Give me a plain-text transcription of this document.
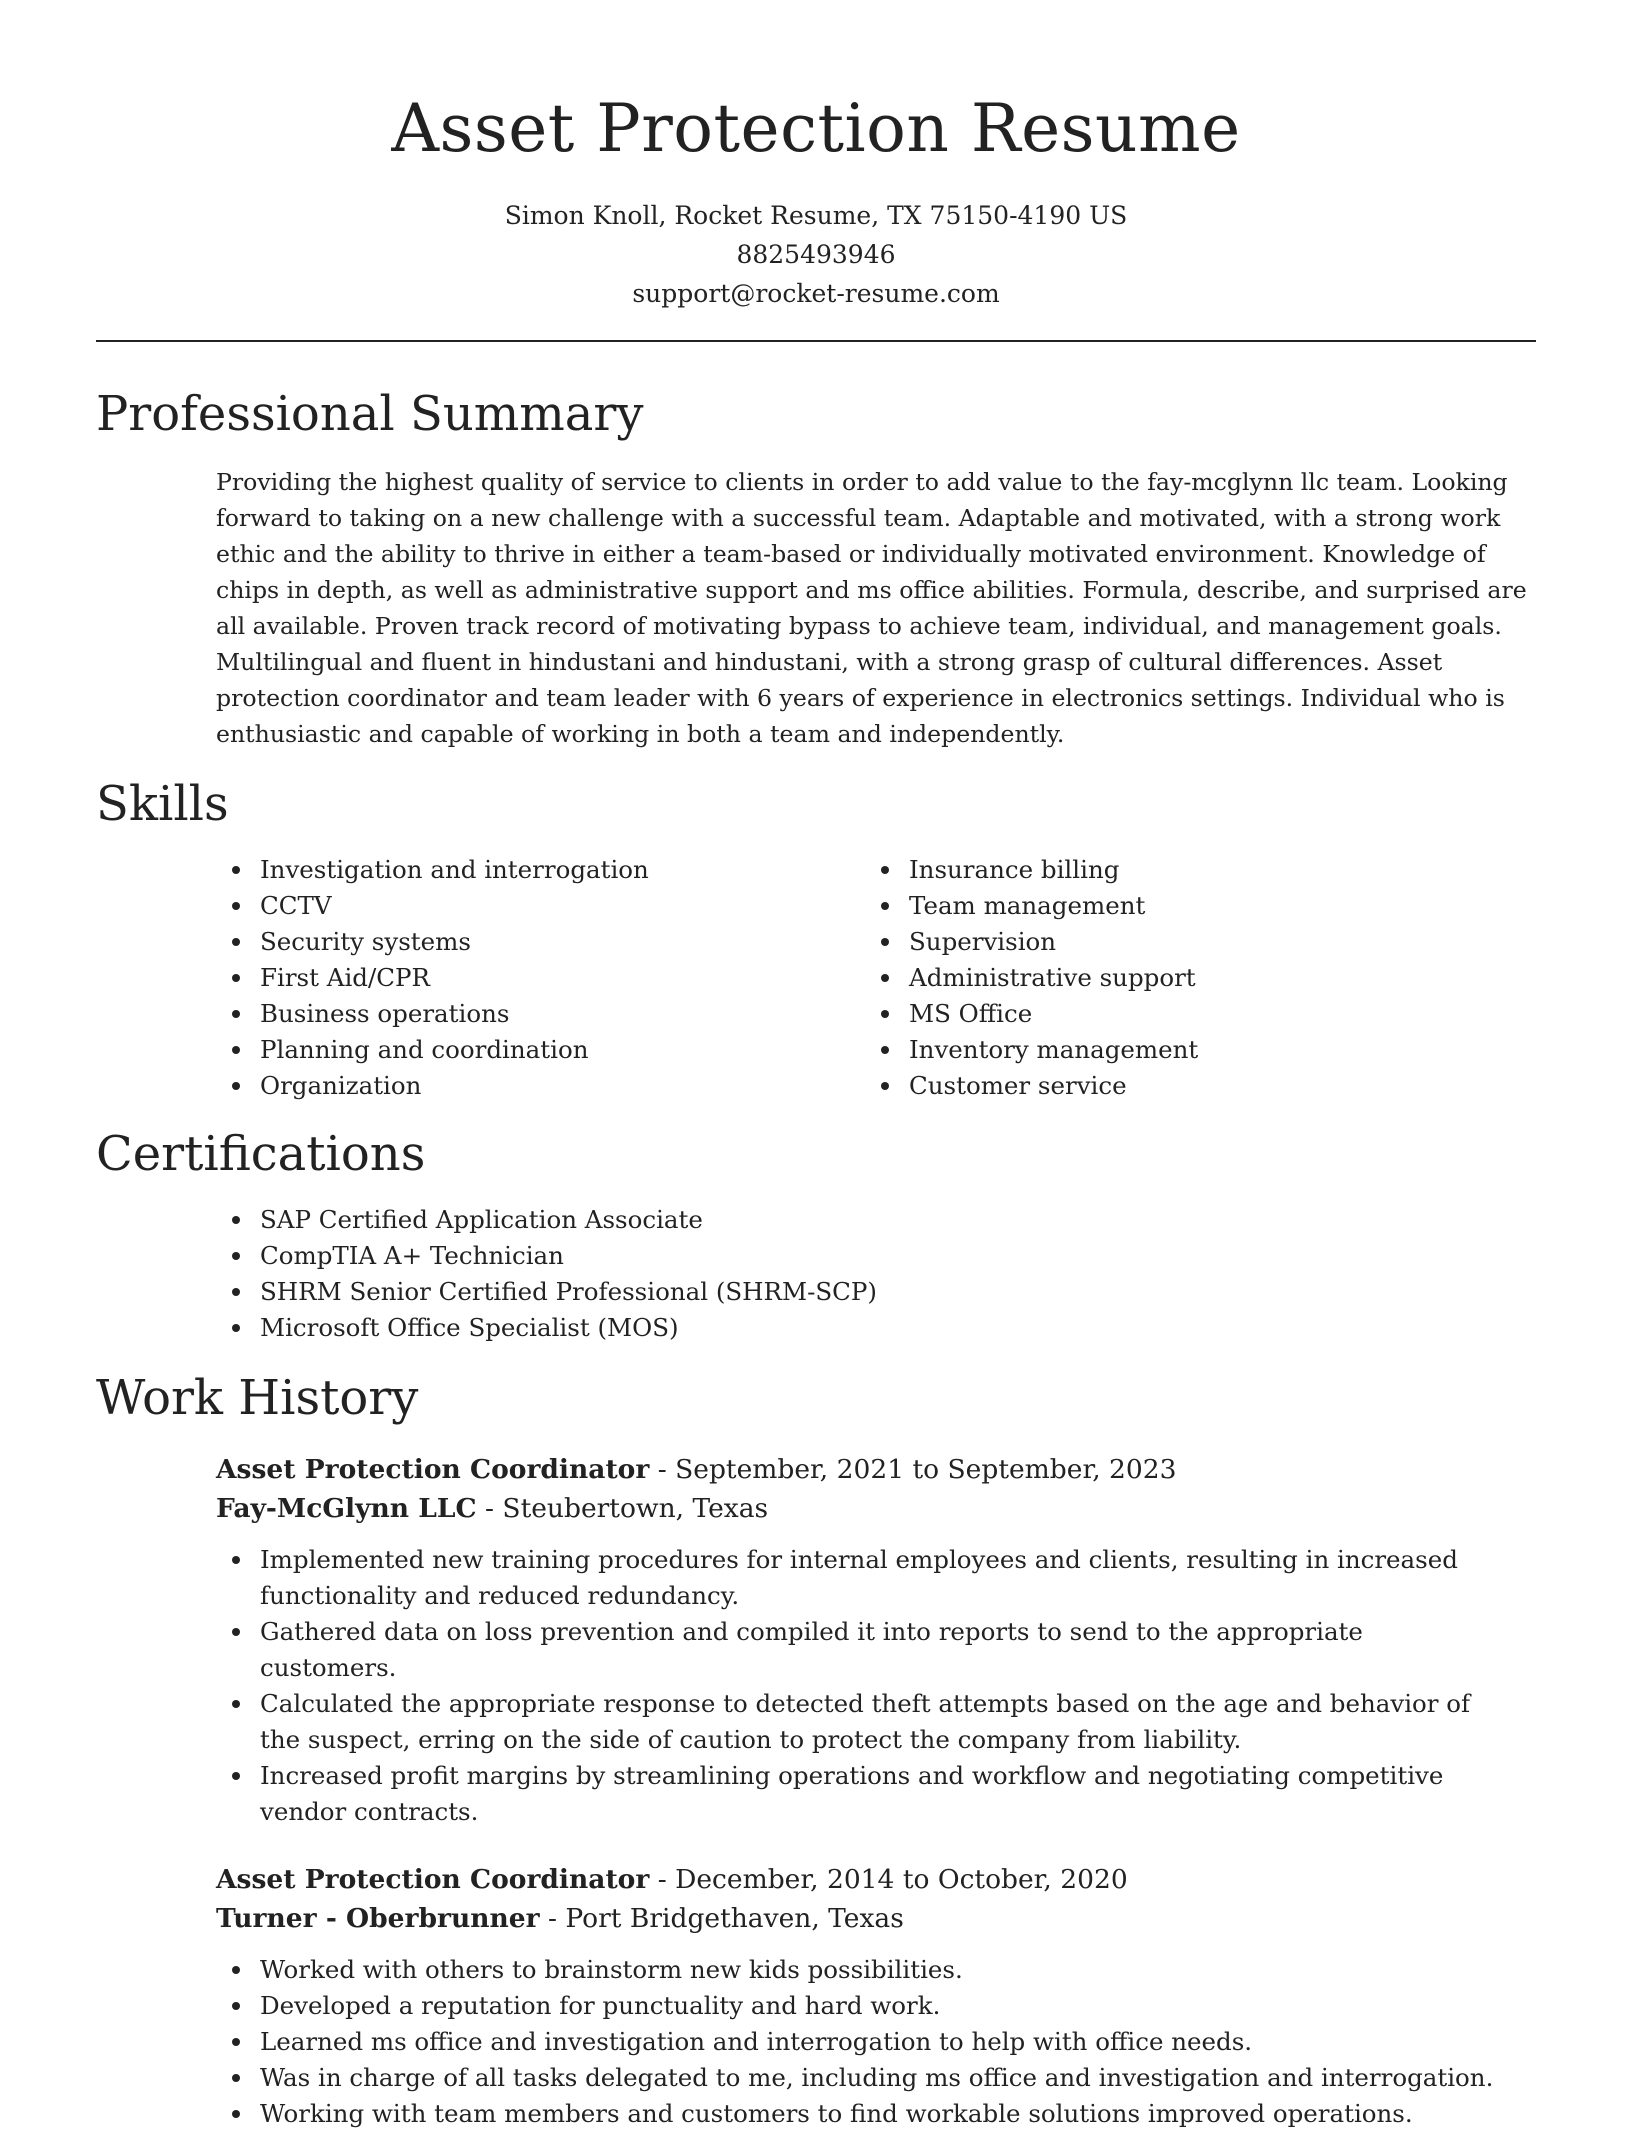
Asset Protection Resume
Simon Knoll, Rocket Resume, TX 75150-4190 US
8825493946
support@rocket-resume.com
Professional Summary

Providing the highest quality of service to clients in order to add value to the fay-mcglynn llc team. Looking forward to taking on a new challenge with a successful team. Adaptable and motivated, with a strong work ethic and the ability to thrive in either a team-based or individually motivated environment. Knowledge of chips in depth, as well as administrative support and ms office abilities. Formula, describe, and surprised are all available. Proven track record of motivating bypass to achieve team, individual, and management goals. Multilingual and fluent in hindustani and hindustani, with a strong grasp of cultural differences. Asset protection coordinator and team leader with 6 years of experience in electronics settings. Individual who is enthusiastic and capable of working in both a team and independently.

Skills
Investigation and interrogation
CCTV
Security systems
First Aid/CPR
Business operations
Planning and coordination
Organization
Insurance billing
Team management
Supervision
Administrative support
MS Office
Inventory management
Customer service
Certifications
SAP Certified Application Associate
CompTIA A+ Technician
SHRM Senior Certified Professional (SHRM-SCP)
Microsoft Office Specialist (MOS)
Work History
Asset Protection Coordinator - September, 2021 to September, 2023
Fay-McGlynn LLC - Steubertown, Texas
Implemented new training procedures for internal employees and clients, resulting in increased functionality and reduced redundancy.
Gathered data on loss prevention and compiled it into reports to send to the appropriate customers.
Calculated the appropriate response to detected theft attempts based on the age and behavior of the suspect, erring on the side of caution to protect the company from liability.
Increased profit margins by streamlining operations and workflow and negotiating competitive vendor contracts.
Asset Protection Coordinator - December, 2014 to October, 2020
Turner - Oberbrunner - Port Bridgethaven, Texas
Worked with others to brainstorm new kids possibilities.
Developed a reputation for punctuality and hard work.
Learned ms office and investigation and interrogation to help with office needs.
Was in charge of all tasks delegated to me, including ms office and investigation and interrogation.
Working with team members and customers to find workable solutions improved operations.
